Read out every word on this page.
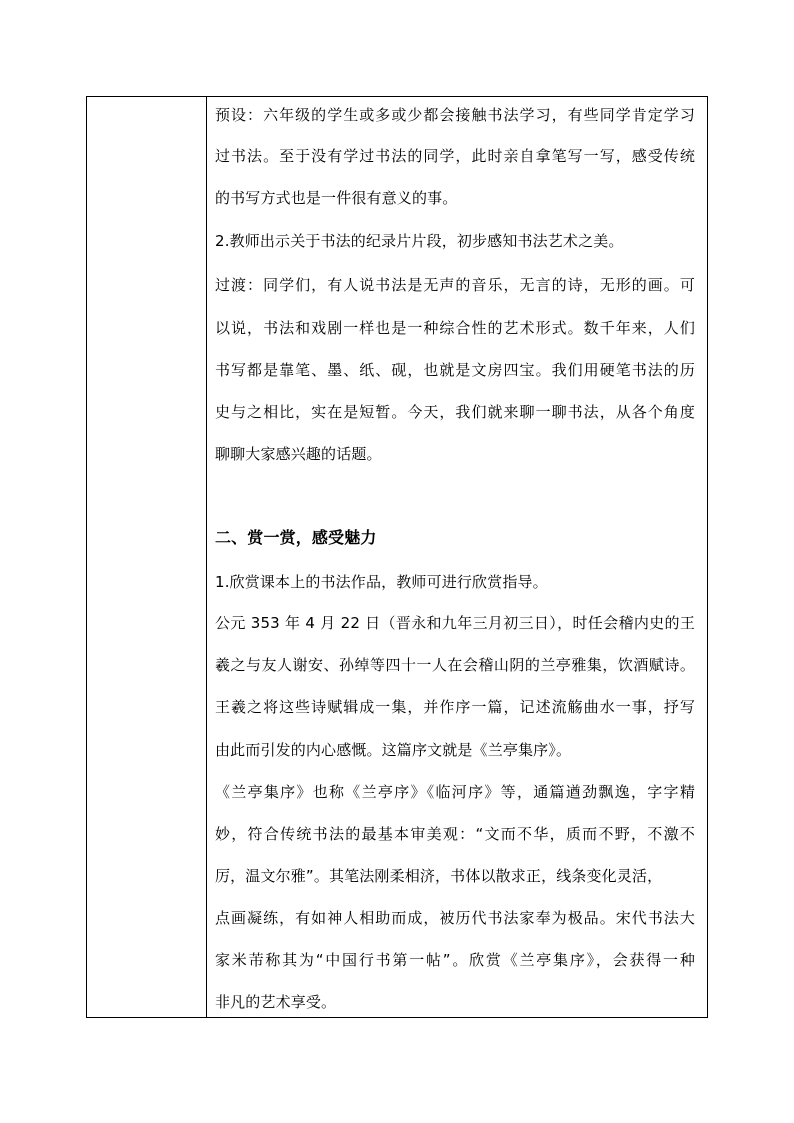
预设：六年级的学生或多或少都会接触书法学习，有些同学肯定学习
过书法。至于没有学过书法的同学，此时亲自拿笔写一写，感受传统
的书写方式也是一件很有意义的事。
2.教师出示关于书法的纪录片片段，初步感知书法艺术之美。
过渡：同学们，有人说书法是无声的音乐，无言的诗，无形的画。可
以说，书法和戏剧一样也是一种综合性的艺术形式。数千年来，人们
书写都是靠笔、墨、纸、砚，也就是文房四宝。我们用硬笔书法的历
史与之相比，实在是短暂。今天，我们就来聊一聊书法，从各个角度
聊聊大家感兴趣的话题。
二、赏一赏，感受魅力
1.欣赏课本上的书法作品，教师可进行欣赏指导。
公元 353 年 4 月 22 日（晋永和九年三月初三日），时任会稽内史的王
羲之与友人谢安、孙绰等四十一人在会稽山阴的兰亭雅集，饮酒赋诗。
王羲之将这些诗赋辑成一集，并作序一篇，记述流觞曲水一事，抒写
由此而引发的内心感慨。这篇序文就是《兰亭集序》。
《兰亭集序》也称《兰亭序》《临河序》等，通篇遒劲飘逸，字字精
妙，符合传统书法的最基本审美观：“文而不华，质而不野，不激不
厉，温文尔雅”。其笔法刚柔相济，书体以散求正，线条变化灵活，
点画凝练，有如神人相助而成，被历代书法家奉为极品。宋代书法大
家米芾称其为“中国行书第一帖”。欣赏《兰亭集序》，会获得一种
非凡的艺术享受。
